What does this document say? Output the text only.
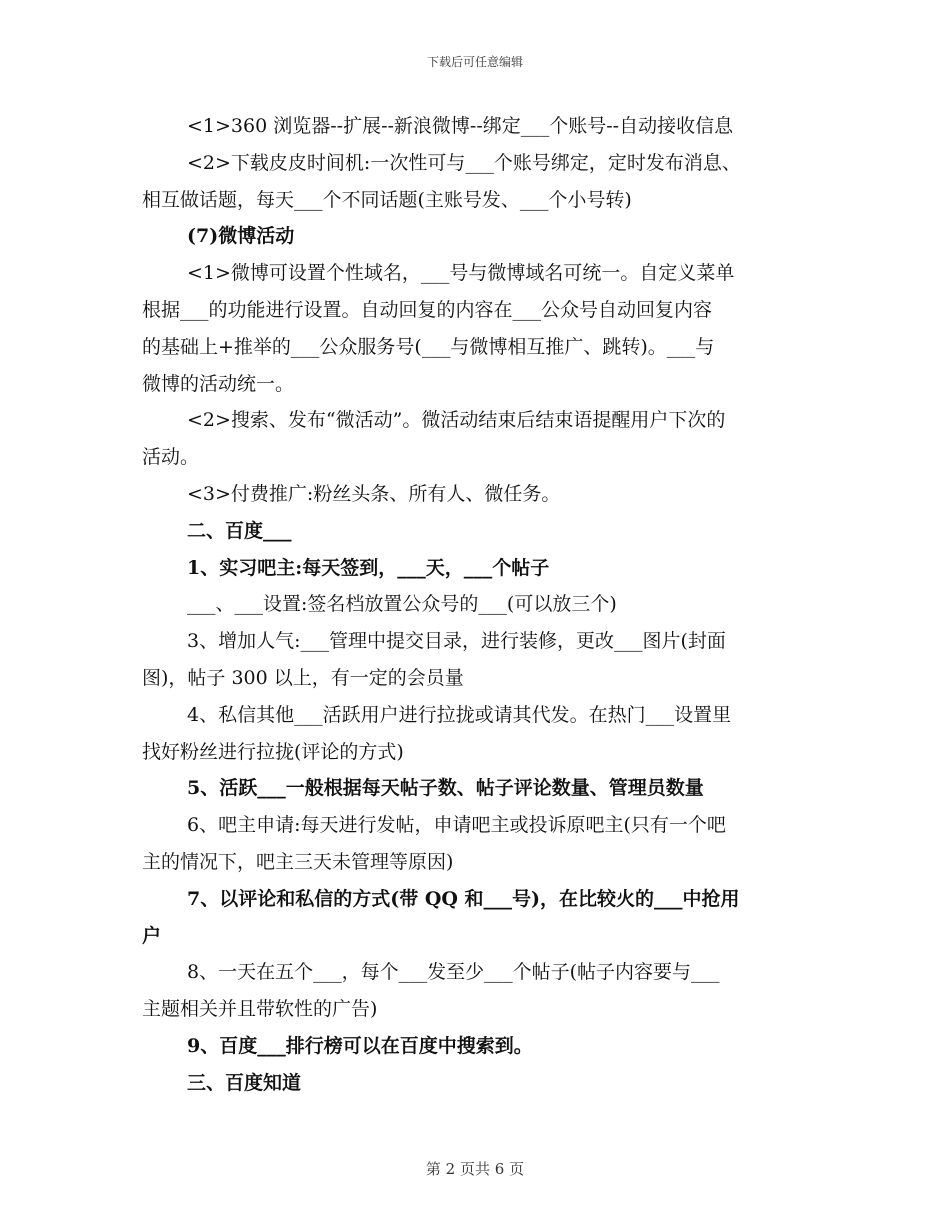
下载后可任意编辑
<1>360 浏览器--扩展--新浪微博--绑定___个账号--自动接收信息
<2>下载皮皮时间机:一次性可与___个账号绑定，定时发布消息、
相互做话题，每天___个不同话题(主账号发、___个小号转)
(7)微博活动
<1>微博可设置个性域名，___号与微博域名可统一。自定义菜单
根据___的功能进行设置。自动回复的内容在___公众号自动回复内容
的基础上+推举的___公众服务号(___与微博相互推广、跳转)。___与
微博的活动统一。
<2>搜索、发布“微活动”。微活动结束后结束语提醒用户下次的
活动。
<3>付费推广:粉丝头条、所有人、微任务。
二、百度___
1、实习吧主:每天签到，___天，___个帖子
___、___设置:签名档放置公众号的___(可以放三个)
3、增加人气:___管理中提交目录，进行装修，更改___图片(封面
图)，帖子 300 以上，有一定的会员量
4、私信其他___活跃用户进行拉拢或请其代发。在热门___设置里
找好粉丝进行拉拢(评论的方式)
5、活跃___一般根据每天帖子数、帖子评论数量、管理员数量
6、吧主申请:每天进行发帖，申请吧主或投诉原吧主(只有一个吧
主的情况下，吧主三天未管理等原因)
7、以评论和私信的方式(带 QQ 和___号)，在比较火的___中抢用
户
8、一天在五个___，每个___发至少___个帖子(帖子内容要与___
主题相关并且带软性的广告)
9、百度___排行榜可以在百度中搜索到。
三、百度知道
第 2 页共 6 页
